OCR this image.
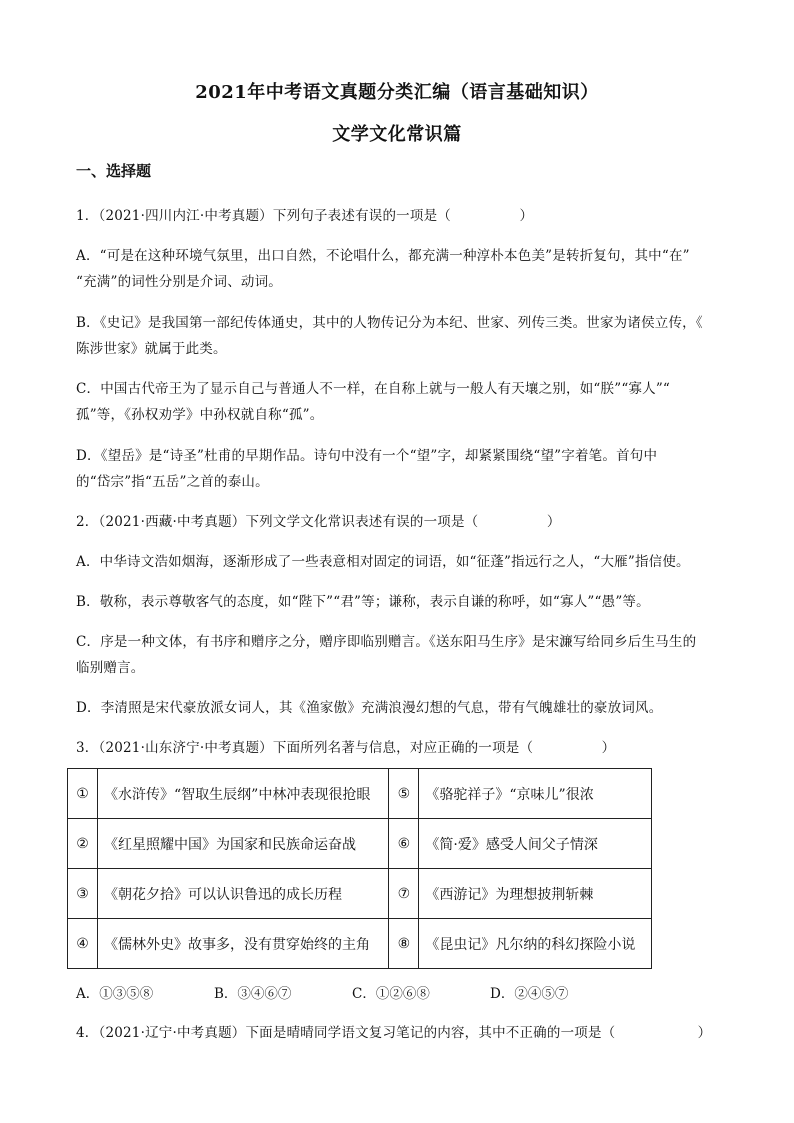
2021年中考语文真题分类汇编（语言基础知识）
文学文化常识篇
一、选择题
1．（2021·四川内江·中考真题）下列句子表述有误的一项是（　　　　　）
A．“可是在这种环境气氛里，出口自然，不论唱什么，都充满一种淳朴本色美”是转折复句，其中“在”
“充满”的词性分别是介词、动词。
B．《史记》是我国第一部纪传体通史，其中的人物传记分为本纪、世家、列传三类。世家为诸侯立传，《
陈涉世家》就属于此类。
C．中国古代帝王为了显示自己与普通人不一样，在自称上就与一般人有天壤之别，如“朕”“寡人”“
孤”等，《孙权劝学》中孙权就自称“孤”。
D．《望岳》是“诗圣”杜甫的早期作品。诗句中没有一个“望”字，却紧紧围绕“望”字着笔。首句中
的“岱宗”指“五岳”之首的泰山。
2．（2021·西藏·中考真题）下列文学文化常识表述有误的一项是（　　　　　）
A．中华诗文浩如烟海，逐渐形成了一些表意相对固定的词语，如“征蓬”指远行之人，“大雁”指信使。
B．敬称，表示尊敬客气的态度，如“陛下”“君”等；谦称，表示自谦的称呼，如“寡人”“愚”等。
C．序是一种文体，有书序和赠序之分，赠序即临别赠言。《送东阳马生序》是宋濂写给同乡后生马生的
临别赠言。
D．李清照是宋代豪放派女词人，其《渔家傲》充满浪漫幻想的气息，带有气魄雄壮的豪放词风。
3．（2021·山东济宁·中考真题）下面所列名著与信息，对应正确的一项是（　　　　　）
①	《水浒传》“智取生辰纲”中林冲表现很抢眼	⑤	《骆驼祥子》“京味儿”很浓
②	《红星照耀中国》为国家和民族命运奋战	⑥	《简·爱》感受人间父子情深
③	《朝花夕拾》可以认识鲁迅的成长历程	⑦	《西游记》为理想披荆斩棘
④	《儒林外史》故事多，没有贯穿始终的主角	⑧	《昆虫记》凡尔纳的科幻探险小说
A．①③⑤⑧	B．③④⑥⑦	C．①②⑥⑧	D．②④⑤⑦
4．（2021·辽宁·中考真题）下面是晴晴同学语文复习笔记的内容，其中不正确的一项是（　　　　　　）
